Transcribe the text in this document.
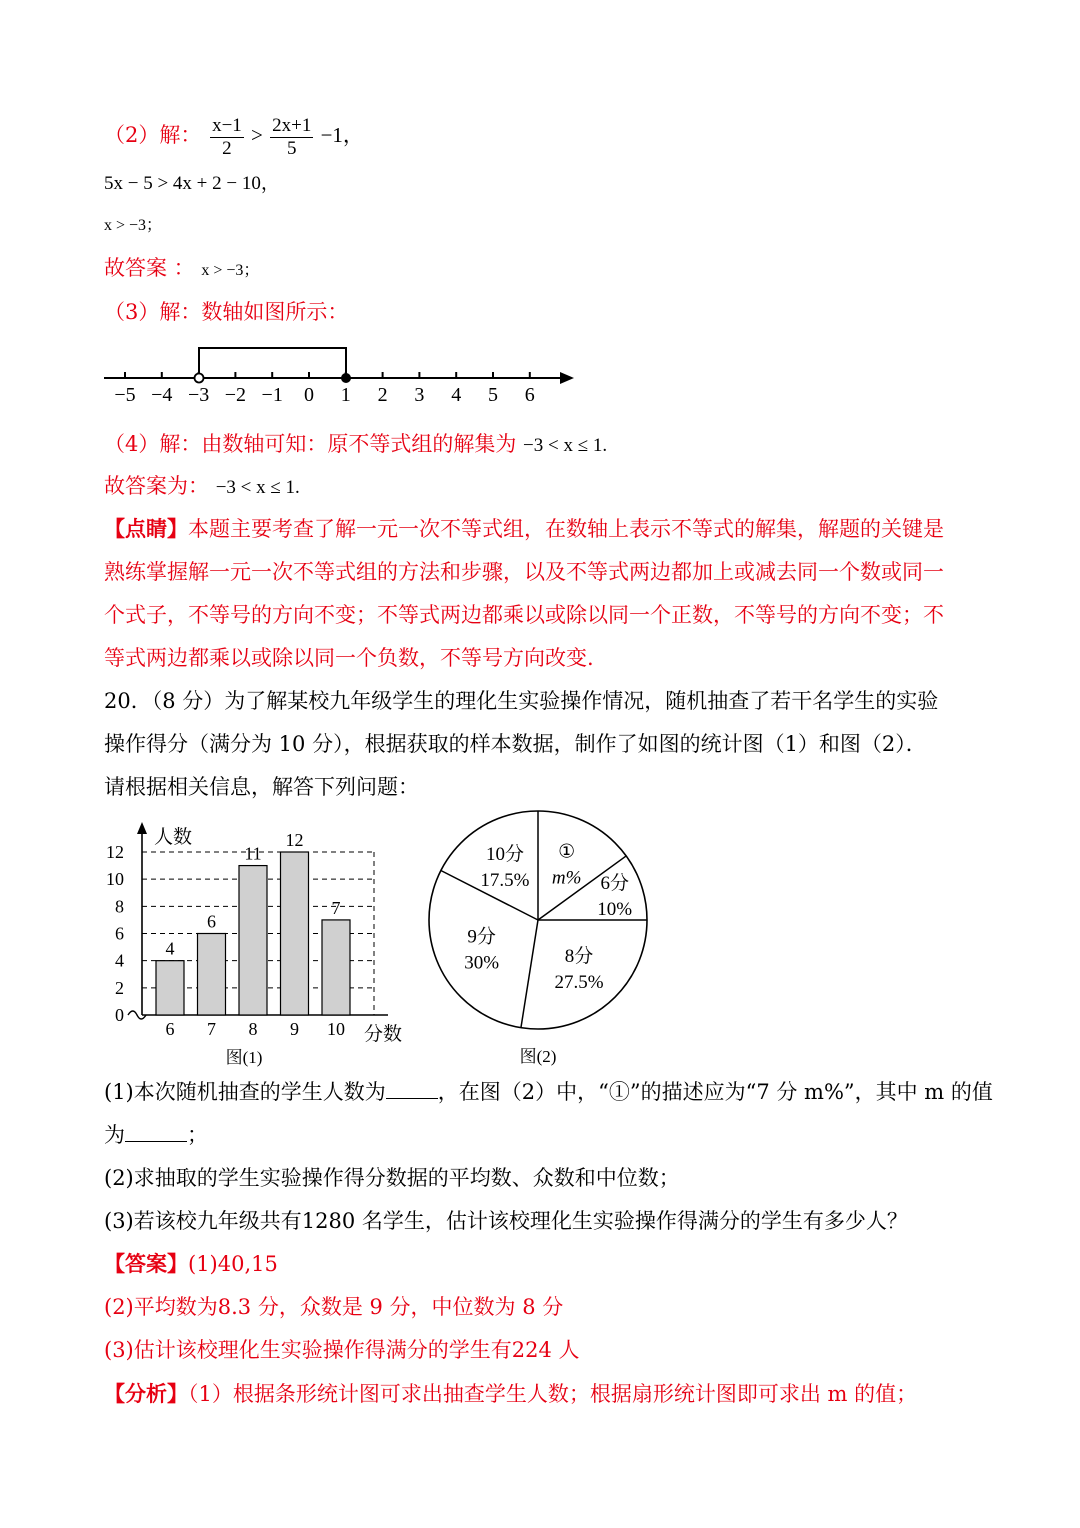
（2）解： $\frac{x-1}{2} > \frac{2x+1}{5} -1$，
5x − 5 > 4x + 2 − 10，
x > −3；
故答案 ： x > −3；
（3）解：数轴如图所示：
−5 −4 −3 −2 −1 0 1 2 3 4 5 6
（4）解：由数轴可知：原不等式组的解集为 −3 < x ≤ 1.
故答案为： −3 < x ≤ 1.
【点睛】本题主要考查了解一元一次不等式组，在数轴上表示不等式的解集，解题的关键是
熟练掌握解一元一次不等式组的方法和步骤，以及不等式两边都加上或减去同一个数或同一
个式子，不等号的方向不变；不等式两边都乘以或除以同一个正数，不等号的方向不变；不
等式两边都乘以或除以同一个负数，不等号方向改变.
20．（8 分）为了解某校九年级学生的理化生实验操作情况，随机抽查了若干名学生的实验
操作得分（满分为 10 分），根据获取的样本数据，制作了如图的统计图（1）和图（2）．
请根据相关信息，解答下列问题：
0
2
4
6
8
10
12
4
6
6
7
11
8
12
9
7
10
人数
分数
图(1)
①
m% 6分
10%
8分
27.5%
9分
30%
10分
17.5%
图(2)
(1)本次随机抽查的学生人数为 ，在图（2）中，“①”的描述应为“7 分 m%”，其中 m 的值
为	；
(2)求抽取的学生实验操作得分数据的平均数、众数和中位数；
(3)若该校九年级共有1280 名学生，估计该校理化生实验操作得满分的学生有多少人？
【答案】(1)40,15
(2)平均数为8.3 分，众数是 9 分，中位数为 8 分
(3)估计该校理化生实验操作得满分的学生有224 人
【分析】（1）根据条形统计图可求出抽查学生人数；根据扇形统计图即可求出 m 的值；
